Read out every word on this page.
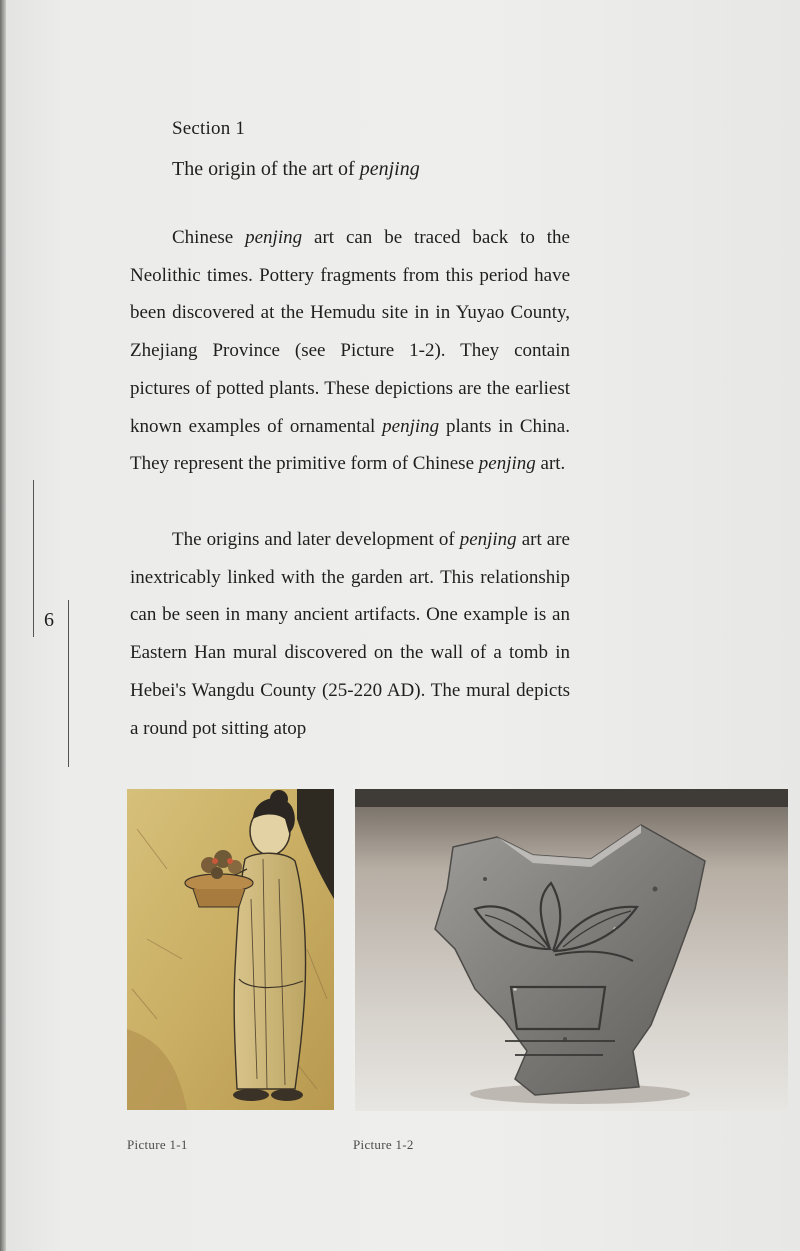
Section 1
The origin of the art of penjing

Chinese penjing art can be traced back to the Neolithic times. Pottery fragments from this period have been discovered at the Hemudu site in in Yuyao County, Zhejiang Province (see Picture 1-2). They contain pictures of potted plants. These depictions are the earliest known examples of ornamental penjing plants in China. They represent the primitive form of Chinese penjing art.

The origins and later development of penjing art are inextricably linked with the garden art. This relationship can be seen in many ancient artifacts. One example is an Eastern Han mural discovered on the wall of a tomb in Hebei's Wangdu County (25-220 AD). The mural depicts a round pot sitting atop

6
Picture 1-1	Picture 1-2
